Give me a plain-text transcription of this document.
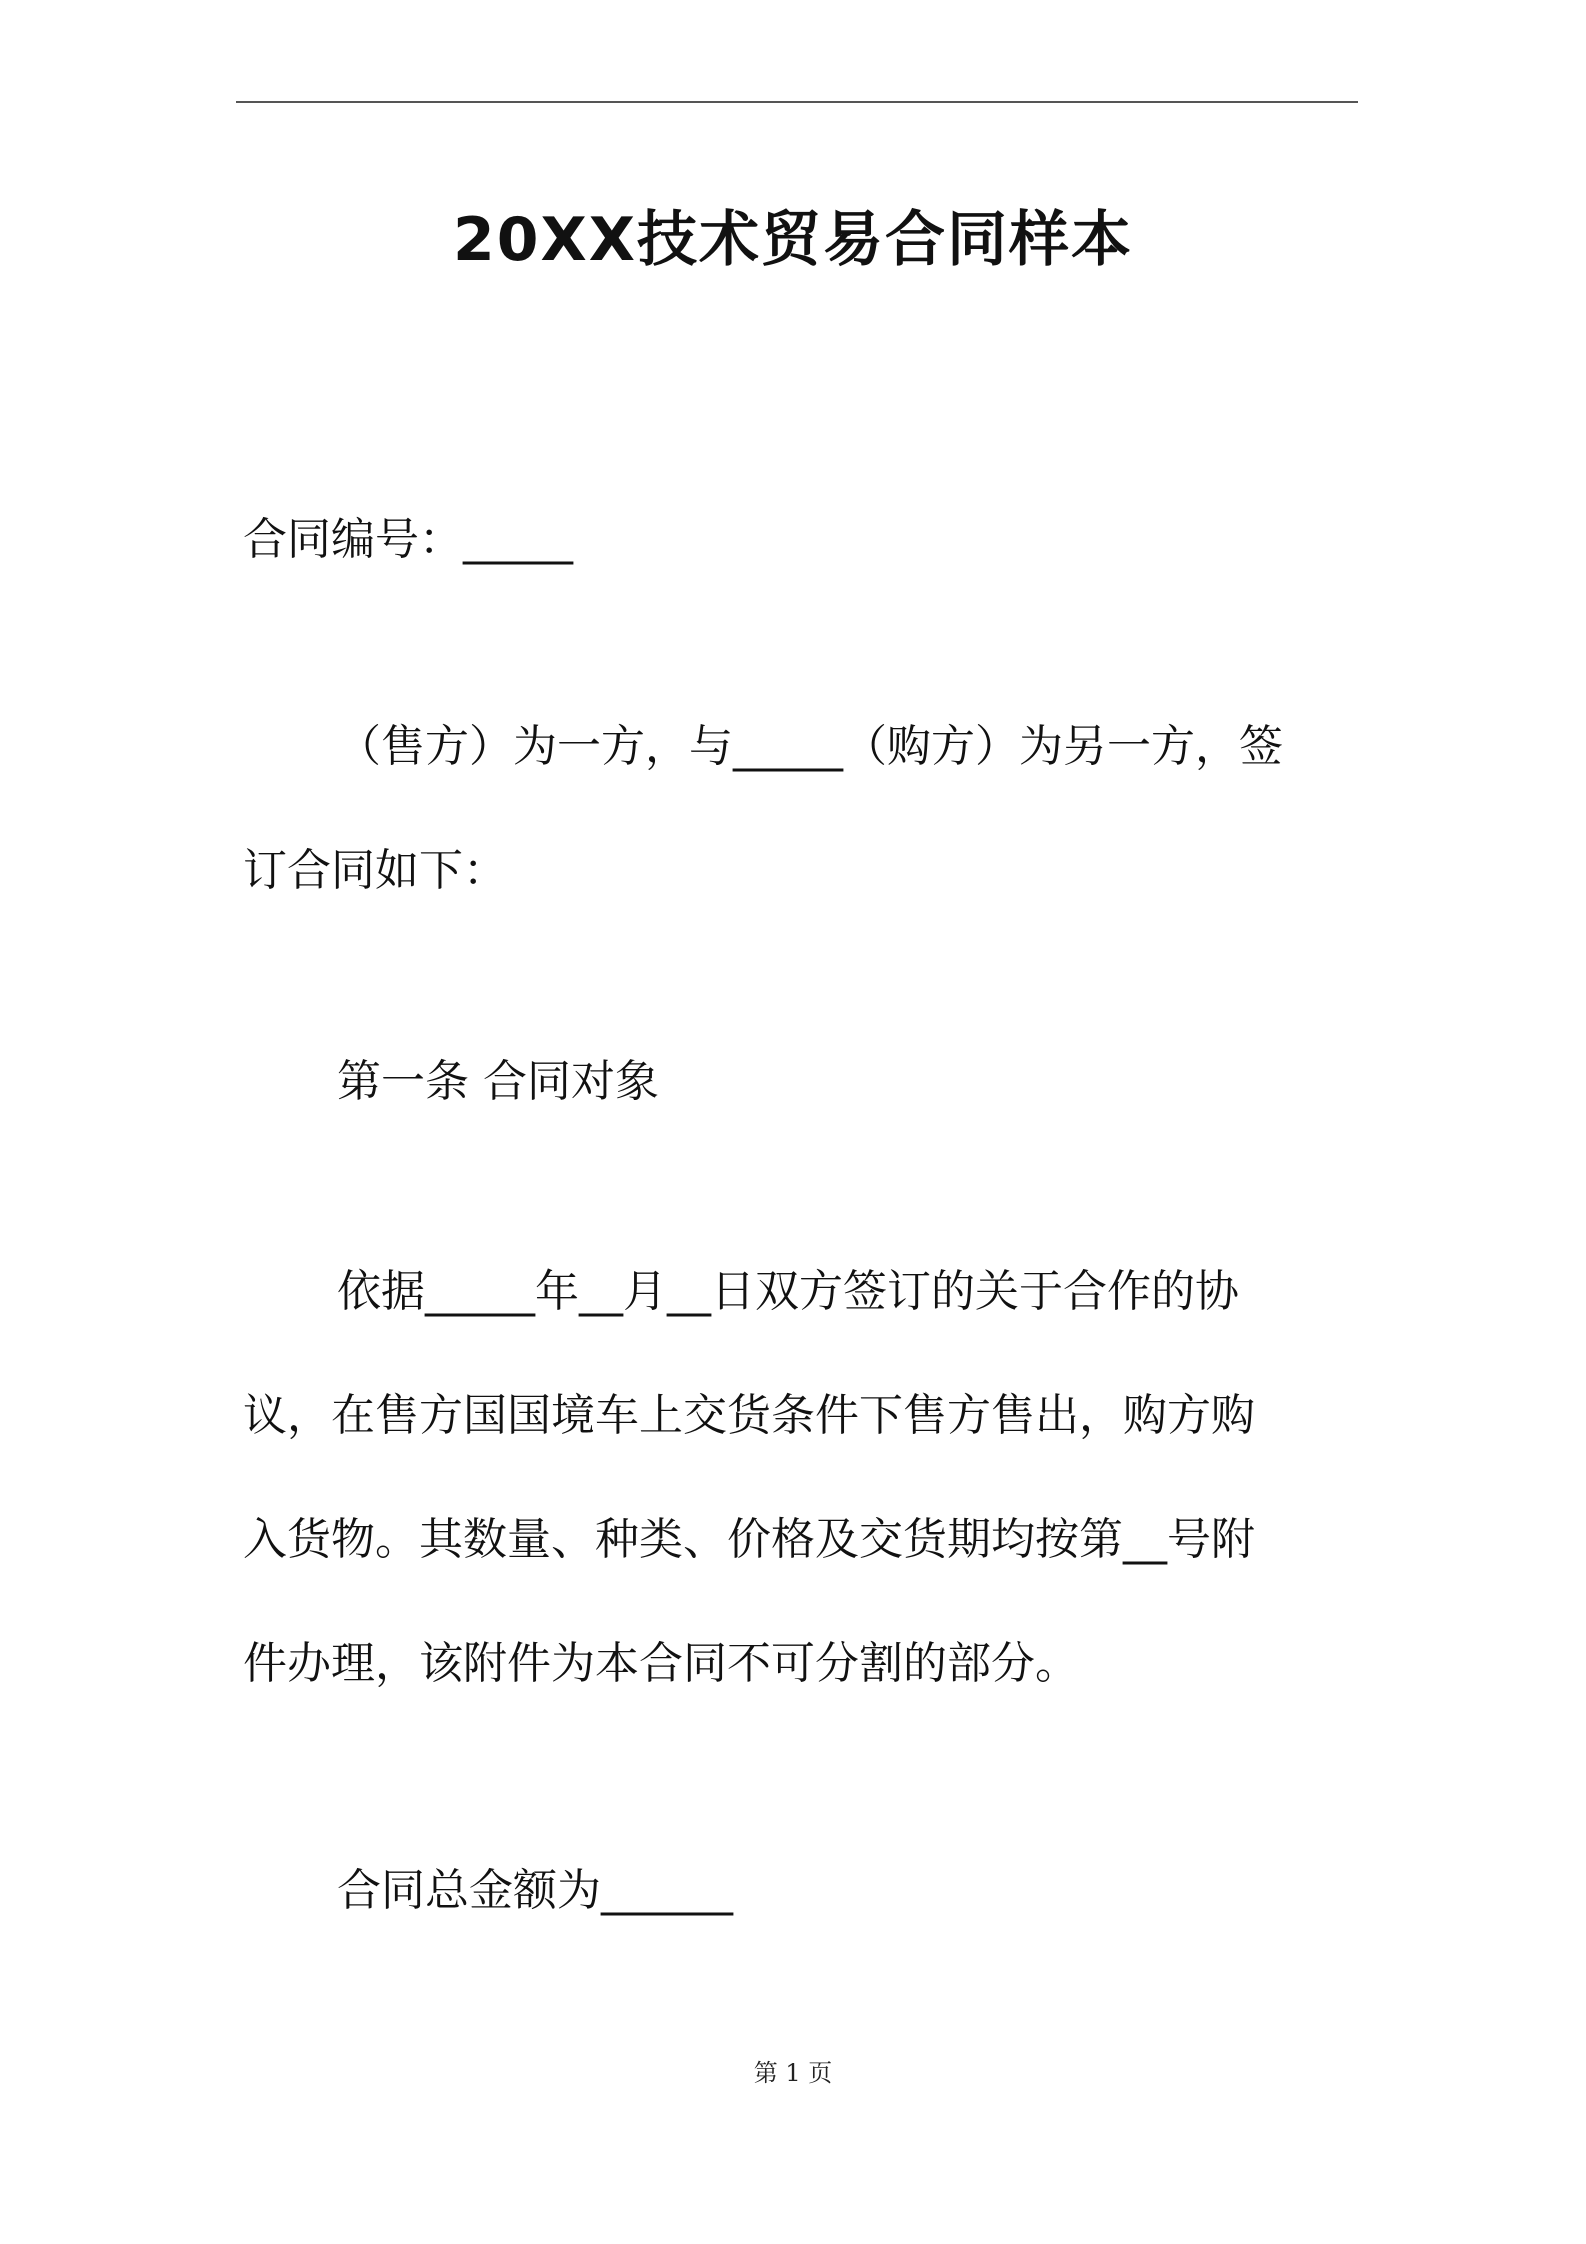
20XX技术贸易合同样本

合同编号：_____

（售方）为一方，与_____（购方）为另一方，签
订合同如下：

第一条 合同对象

依据_____年__月__日双方签订的关于合作的协
议，在售方国国境车上交货条件下售方售出，购方购
入货物。其数量、种类、价格及交货期均按第__号附
件办理，该附件为本合同不可分割的部分。

合同总金额为______

第 1 页
